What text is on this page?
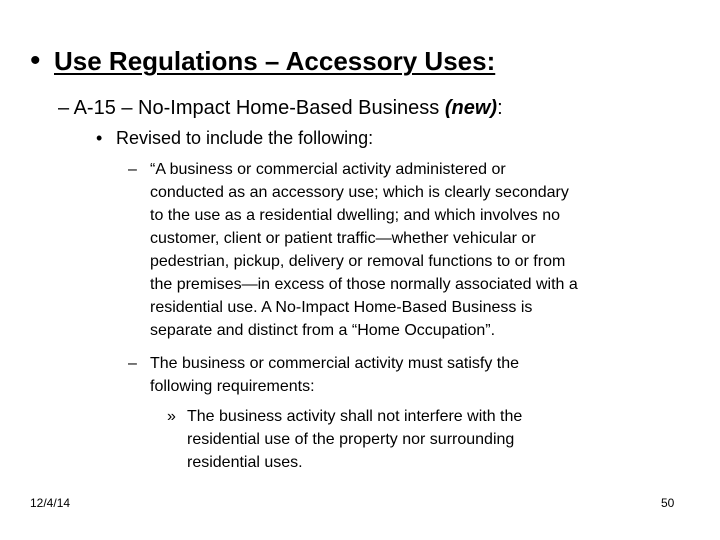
• Use Regulations – Accessory Uses:

– A-15 – No-Impact Home-Based Business (new):

• Revised to include the following:

– “A business or commercial activity administered or
conducted as an accessory use; which is clearly secondary
to the use as a residential dwelling; and which involves no
customer, client or patient traffic—whether vehicular or
pedestrian, pickup, delivery or removal functions to or from
the premises—in excess of those normally associated with a
residential use. A No-Impact Home-Based Business is
separate and distinct from a “Home Occupation”.
– The business or commercial activity must satisfy the
following requirements:
» The business activity shall not interfere with the
residential use of the property nor surrounding
residential uses.
12/4/14	50
